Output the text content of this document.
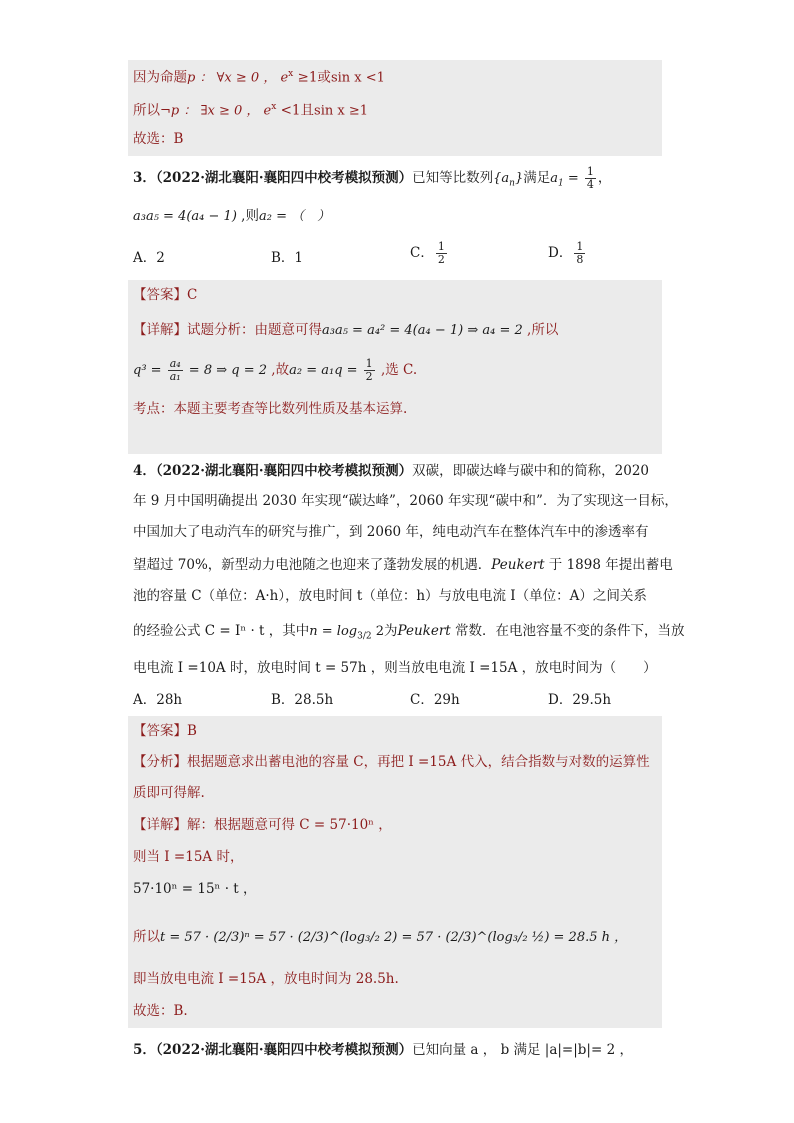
因为命题p ： ∀x ≥ 0 ， $e^x \ge 1$或sin x <1
所以¬p ： ∃x ≥ 0 ， $e^x <1$且sin x ≥1
故选：B
3．（2022·湖北襄阳·襄阳四中校考模拟预测）已知等比数列$\{a_n\}$满足$a_1 = \frac{1}{4}$ ，
a₃a₅ = 4(a₄ − 1) ,则a₂ = （　）
A．2	B．1	C． $\frac{1}{2}$	D． $\frac{1}{8}$
【答案】C
【详解】试题分析：由题意可得a₃a₅ = a₄² = 4(a₄ − 1) ⇒ a₄ = 2 ,所以
$q^3 = \frac{\text{a₄}}{\text{a₁}} = 8$ ⇒ q = 2 ,故$a_2 = a_1q = \frac{1}{2}$ ,选 C.
考点：本题主要考查等比数列性质及基本运算.
4．（2022·湖北襄阳·襄阳四中校考模拟预测）双碳，即碳达峰与碳中和的简称，2020
年 9 月中国明确提出 2030 年实现“碳达峰”，2060 年实现“碳中和”．为了实现这一目标，
中国加大了电动汽车的研究与推广，到 2060 年，纯电动汽车在整体汽车中的渗透率有
望超过 70%，新型动力电池随之也迎来了蓬勃发展的机遇．Peukert 于 1898 年提出蓄电
池的容量 C（单位：A·h），放电时间 t（单位：h）与放电电流 I（单位：A）之间关系
的经验公式 C = Iⁿ · t ，其中$n = \log_{3/2} 2$为Peukert 常数．在电池容量不变的条件下，当放
电电流 I =10A 时，放电时间 t = 57h ，则当放电电流 I =15A ，放电时间为（　　）
A．28h	B．28.5h	C．29h	D．29.5h
【答案】B
【分析】根据题意求出蓄电池的容量 C，再把 I =15A 代入，结合指数与对数的运算性
质即可得解.
【详解】解：根据题意可得 C = 57·10ⁿ ，
则当 I =15A 时，
57·10ⁿ = 15ⁿ · t ，
所以t = 57 · (2/3)ⁿ = 57 · (2/3)^(log₃/₂ 2) = 57 · (2/3)^(log₃/₂ ½) = 28.5 h ，
即当放电电流 I =15A ，放电时间为 28.5h.
故选：B.
5．（2022·湖北襄阳·襄阳四中校考模拟预测）已知向量 a ， b 满足 |a|=|b|= 2 ，
